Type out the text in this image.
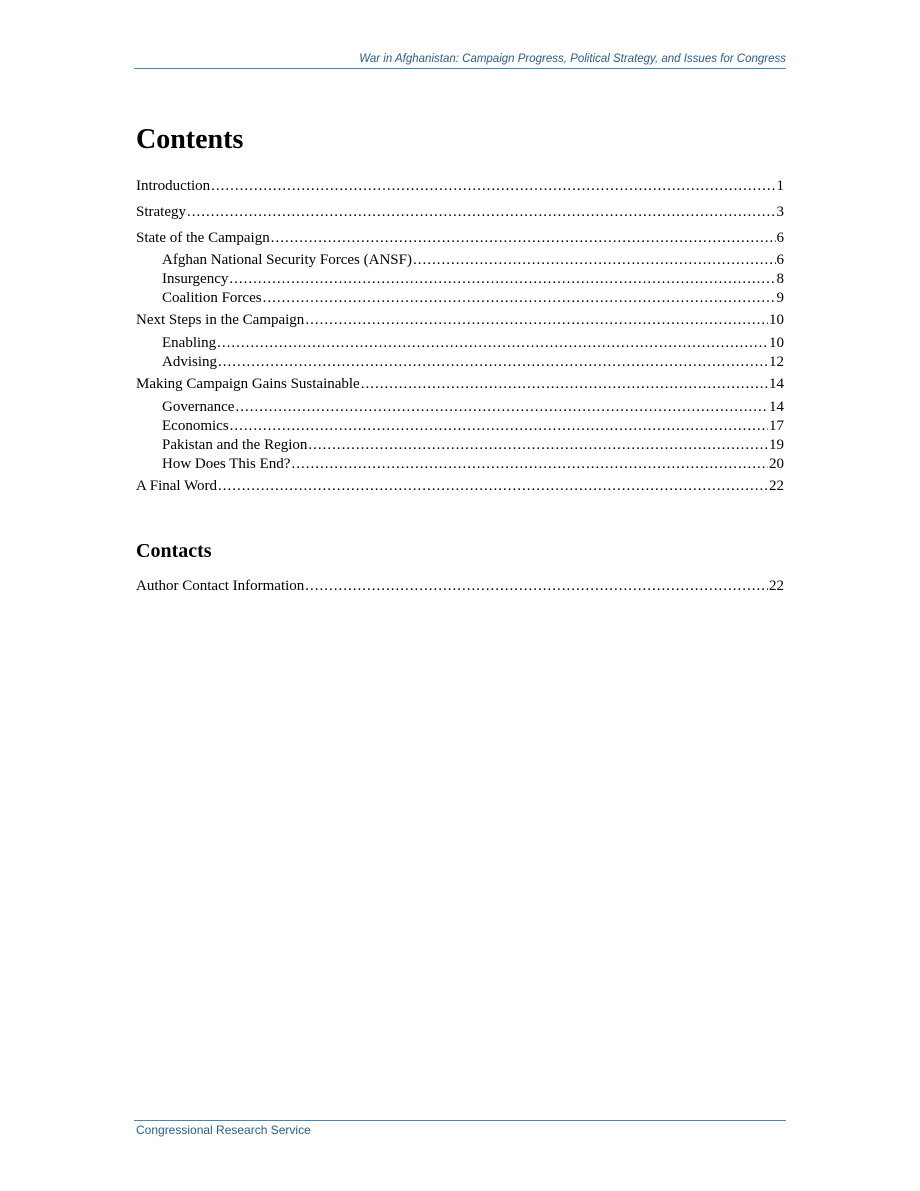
War in Afghanistan: Campaign Progress, Political Strategy, and Issues for Congress
Contents
Introduction .....	1
Strategy .....	3
State of the Campaign .....	6
Afghan National Security Forces (ANSF) .....	6
Insurgency .....	8
Coalition Forces .....	9
Next Steps in the Campaign .....	10
Enabling .....	10
Advising .....	12
Making Campaign Gains Sustainable .....	14
Governance .....	14
Economics .....	17
Pakistan and the Region .....	19
How Does This End? .....	20
A Final Word .....	22
Contacts
Author Contact Information .....	22
Congressional Research Service
